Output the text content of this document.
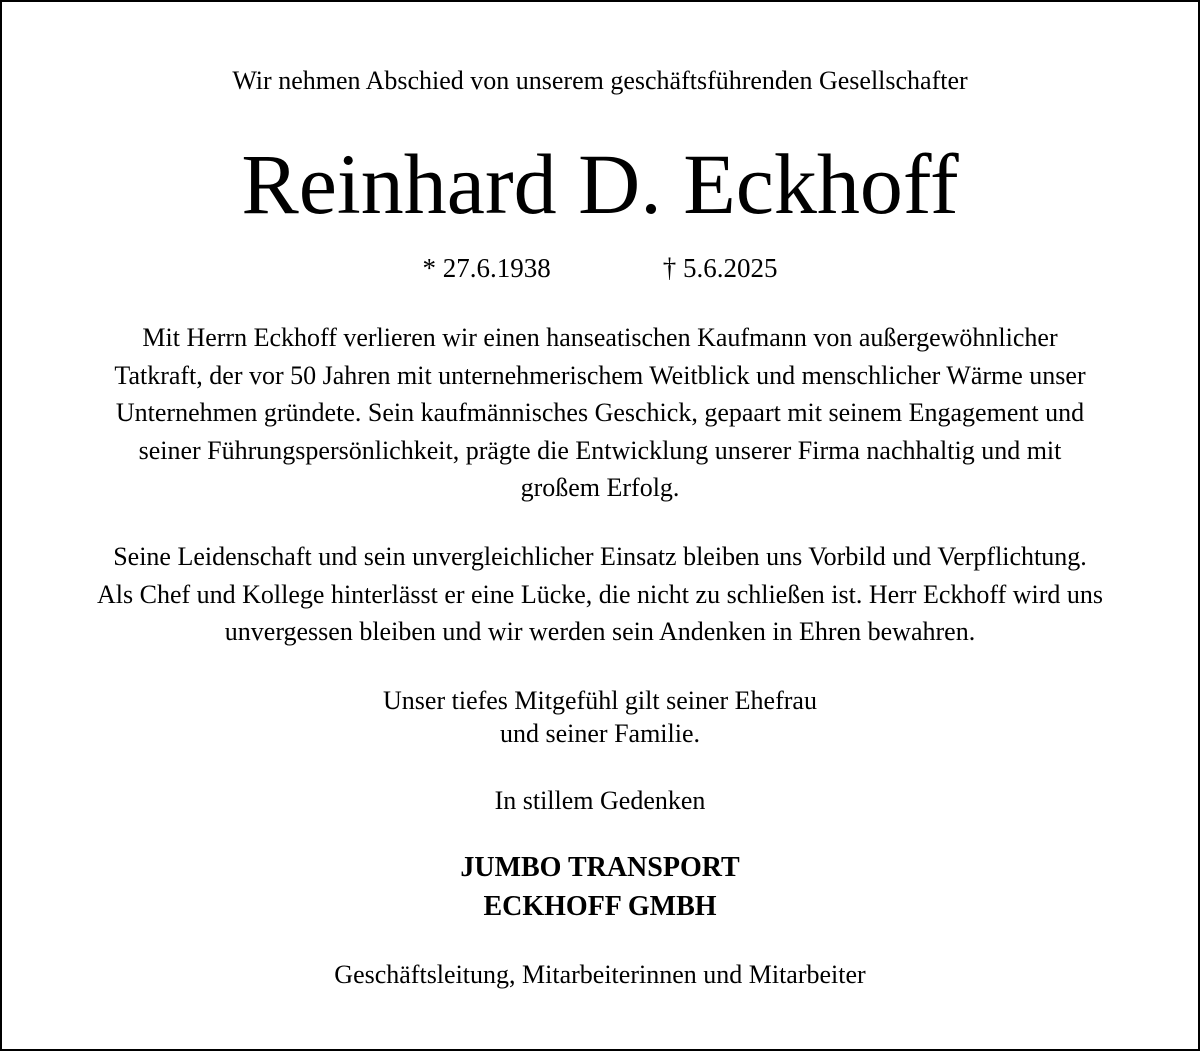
Wir nehmen Abschied von unserem geschäftsführenden Gesellschafter
Reinhard D. Eckhoff
* 27.6.1938	† 5.6.2025
Mit Herrn Eckhoff verlieren wir einen hanseatischen Kaufmann von außergewöhnlicher
Tatkraft, der vor 50 Jahren mit unternehmerischem Weitblick und menschlicher Wärme unser
Unternehmen gründete. Sein kaufmännisches Geschick, gepaart mit seinem Engagement und
seiner Führungspersönlichkeit, prägte die Entwicklung unserer Firma nachhaltig und mit
großem Erfolg.
Seine Leidenschaft und sein unvergleichlicher Einsatz bleiben uns Vorbild und Verpflichtung.
Als Chef und Kollege hinterlässt er eine Lücke, die nicht zu schließen ist. Herr Eckhoff wird uns
unvergessen bleiben und wir werden sein Andenken in Ehren bewahren.
Unser tiefes Mitgefühl gilt seiner Ehefrau
und seiner Familie.
In stillem Gedenken
JUMBO TRANSPORT
ECKHOFF GMBH
Geschäftsleitung, Mitarbeiterinnen und Mitarbeiter
